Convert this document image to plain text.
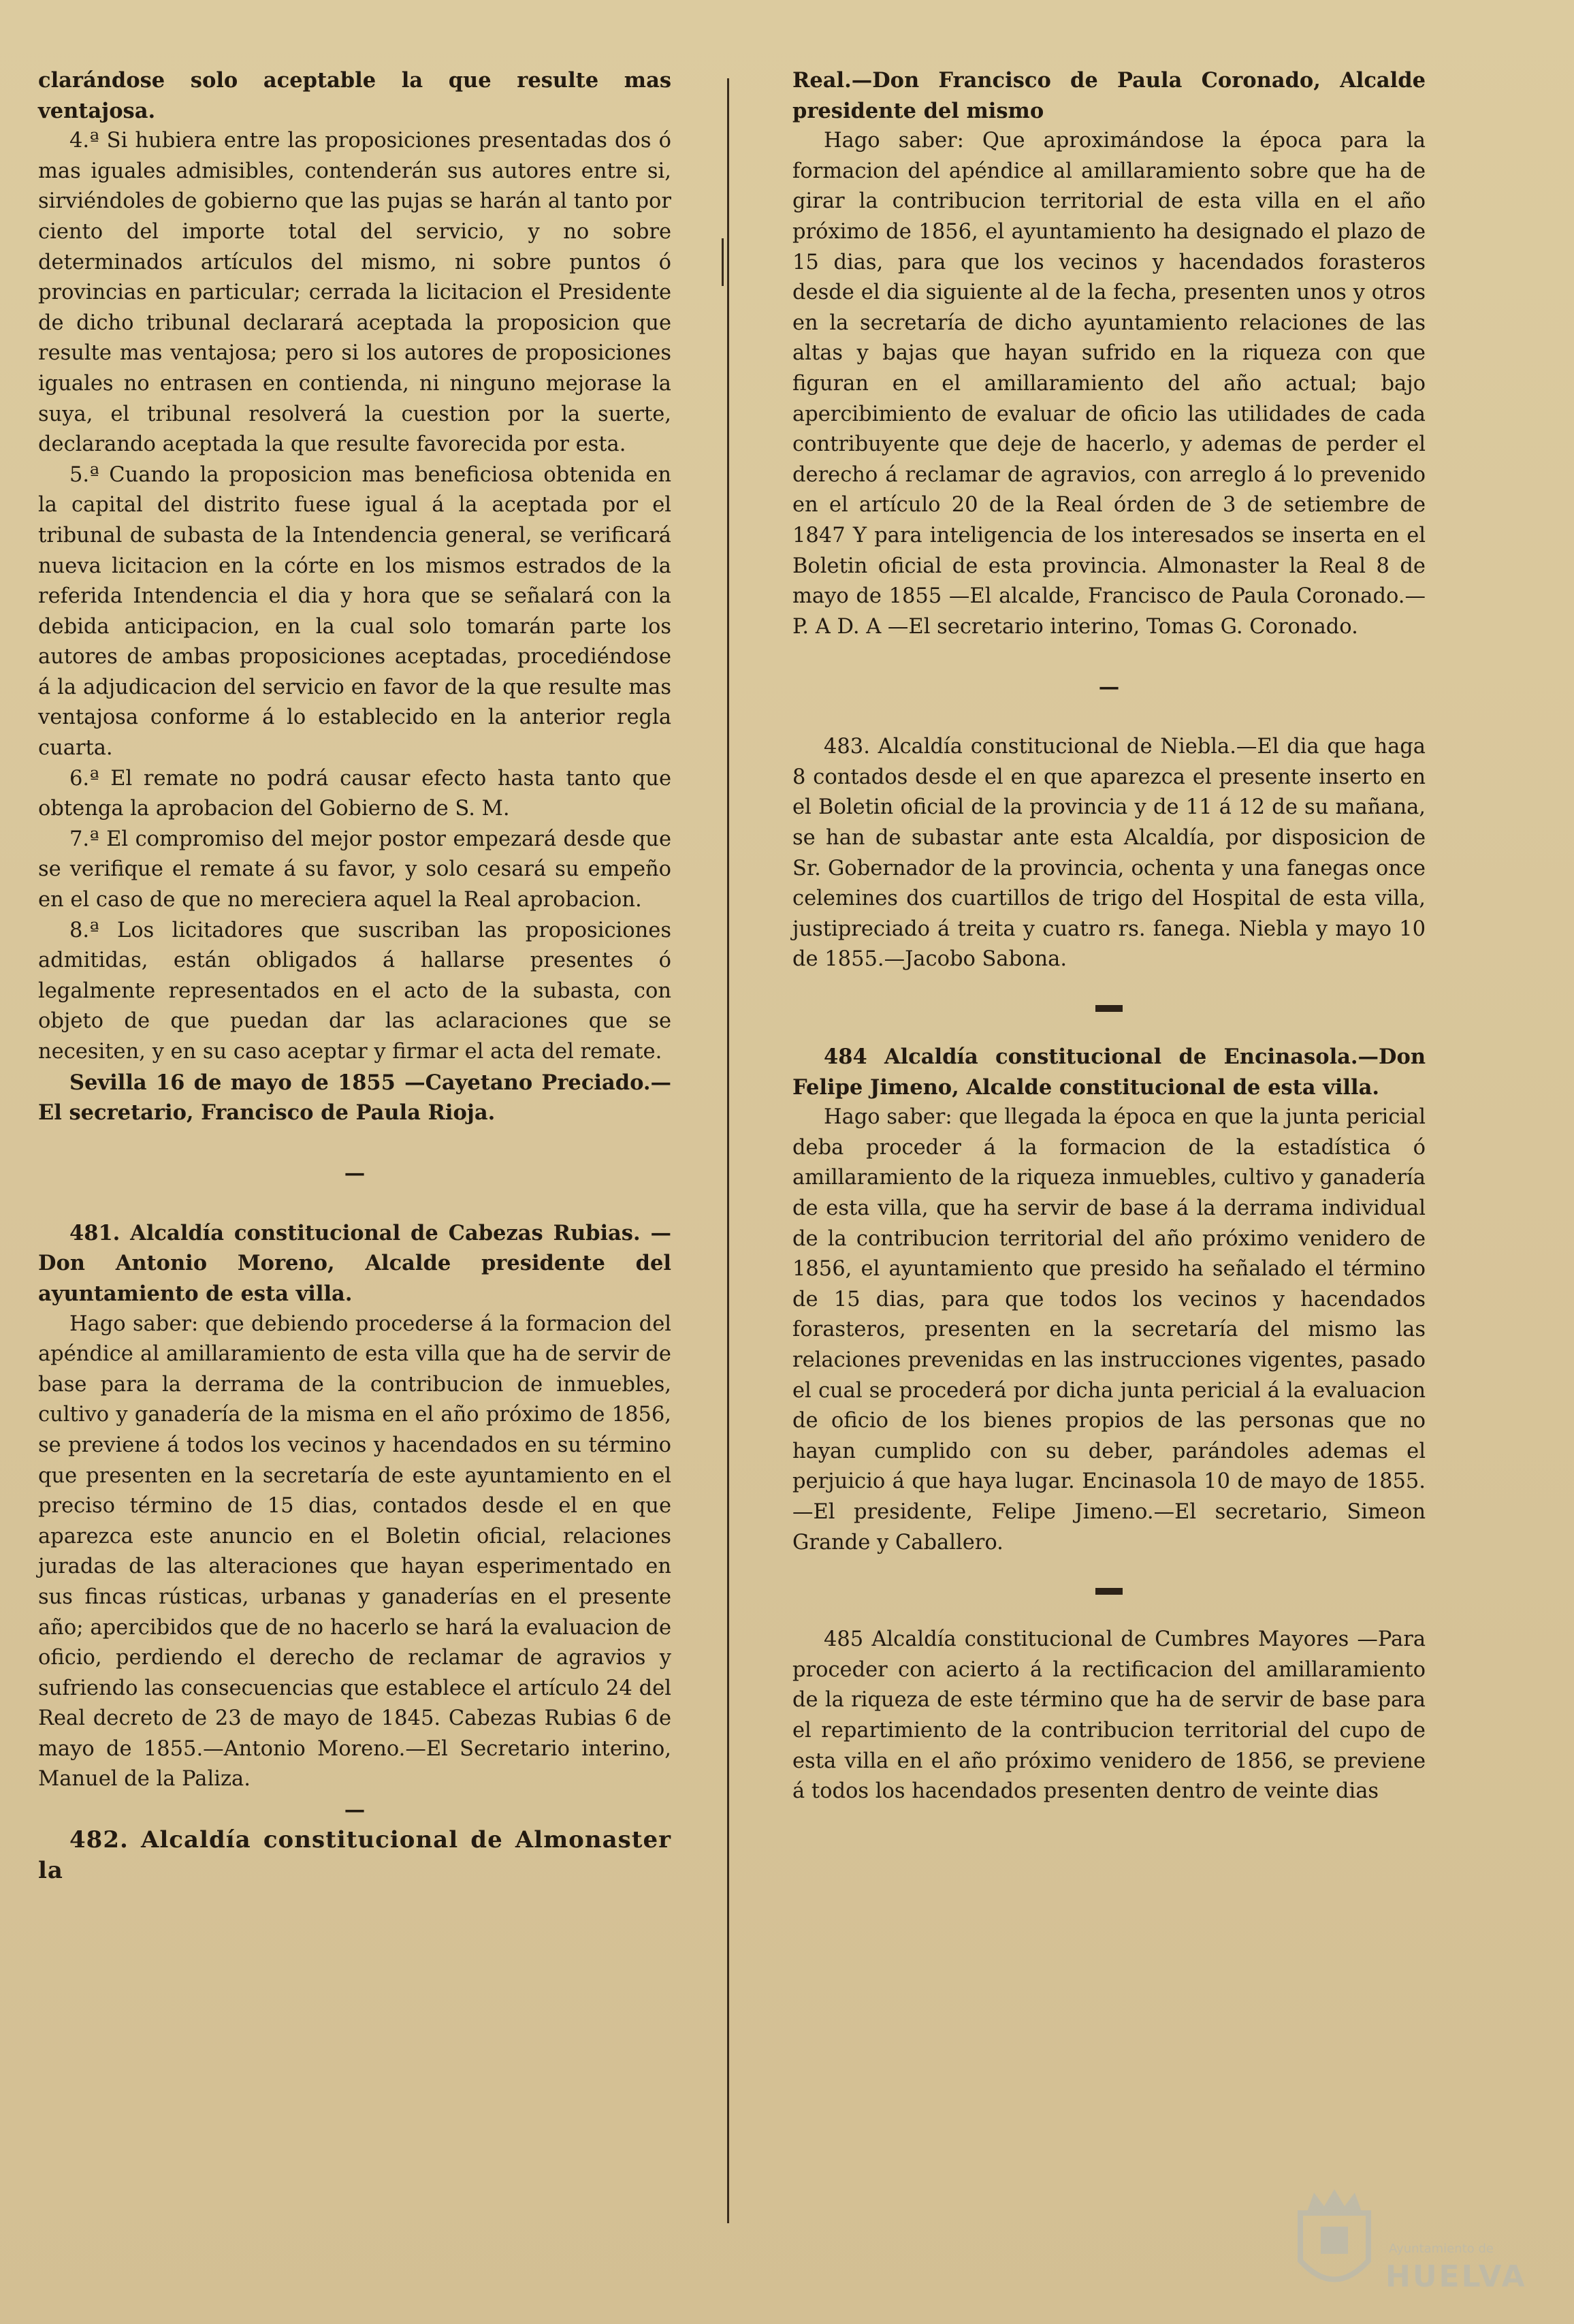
clarándose solo aceptable la que resulte mas ventajosa.

4.ª Si hubiera entre las proposiciones presentadas dos ó mas iguales admisibles, contenderán sus autores entre si, sirviéndoles de gobierno que las pujas se harán al tanto por ciento del importe total del servicio, y no sobre determinados artículos del mismo, ni sobre puntos ó provincias en particular; cerrada la licitacion el Presidente de dicho tribunal declarará aceptada la proposicion que resulte mas ventajosa; pero si los autores de proposiciones iguales no entrasen en contienda, ni ninguno mejorase la suya, el tribunal resolverá la cuestion por la suerte, declarando aceptada la que resulte favorecida por esta.

5.ª Cuando la proposicion mas beneficiosa obtenida en la capital del distrito fuese igual á la aceptada por el tribunal de subasta de la Intendencia general, se verificará nueva licitacion en la córte en los mismos estrados de la referida Intendencia el dia y hora que se señalará con la debida anticipacion, en la cual solo tomarán parte los autores de ambas proposiciones aceptadas, procediéndose á la adjudicacion del servicio en favor de la que resulte mas ventajosa conforme á lo establecido en la anterior regla cuarta.

6.ª El remate no podrá causar efecto hasta tanto que obtenga la aprobacion del Gobierno de S. M.

7.ª El compromiso del mejor postor empezará desde que se verifique el remate á su favor, y solo cesará su empeño en el caso de que no mereciera aquel la Real aprobacion.

8.ª Los licitadores que suscriban las proposiciones admitidas, están obligados á hallarse presentes ó legalmente representados en el acto de la subasta, con objeto de que puedan dar las aclaraciones que se necesiten, y en su caso aceptar y firmar el acta del remate.

Sevilla 16 de mayo de 1855 —Cayetano Preciado.—El secretario, Francisco de Paula Rioja.

—

481. Alcaldía constitucional de Cabezas Rubias. —Don Antonio Moreno, Alcalde presidente del ayuntamiento de esta villa.

Hago saber: que debiendo procederse á la formacion del apéndice al amillaramiento de esta villa que ha de servir de base para la derrama de la contribucion de inmuebles, cultivo y ganadería de la misma en el año próximo de 1856, se previene á todos los vecinos y hacendados en su término que presenten en la secretaría de este ayuntamiento en el preciso término de 15 dias, contados desde el en que aparezca este anuncio en el Boletin oficial, relaciones juradas de las alteraciones que hayan esperimentado en sus fincas rústicas, urbanas y ganaderías en el presente año; apercibidos que de no hacerlo se hará la evaluacion de oficio, perdiendo el derecho de reclamar de agravios y sufriendo las consecuencias que establece el artículo 24 del Real decreto de 23 de mayo de 1845. Cabezas Rubias 6 de mayo de 1855.—Antonio Moreno.—El Secretario interino, Manuel de la Paliza.

—

482. Alcaldía constitucional de Almonaster la

Real.—Don Francisco de Paula Coronado, Alcalde presidente del mismo

Hago saber: Que aproximándose la época para la formacion del apéndice al amillaramiento sobre que ha de girar la contribucion territorial de esta villa en el año próximo de 1856, el ayuntamiento ha designado el plazo de 15 dias, para que los vecinos y hacendados forasteros desde el dia siguiente al de la fecha, presenten unos y otros en la secretaría de dicho ayuntamiento relaciones de las altas y bajas que hayan sufrido en la riqueza con que figuran en el amillaramiento del año actual; bajo apercibimiento de evaluar de oficio las utilidades de cada contribuyente que deje de hacerlo, y ademas de perder el derecho á reclamar de agravios, con arreglo á lo prevenido en el artículo 20 de la Real órden de 3 de setiembre de 1847 Y para inteligencia de los interesados se inserta en el Boletin oficial de esta provincia. Almonaster la Real 8 de mayo de 1855 —El alcalde, Francisco de Paula Coronado.—P. A D. A —El secretario interino, Tomas G. Coronado.

—

483. Alcaldía constitucional de Niebla.—El dia que haga 8 contados desde el en que aparezca el presente inserto en el Boletin oficial de la provincia y de 11 á 12 de su mañana, se han de subastar ante esta Alcaldía, por disposicion de Sr. Gobernador de la provincia, ochenta y una fanegas once celemines dos cuartillos de trigo del Hospital de esta villa, justipreciado á treita y cuatro rs. fanega. Niebla y mayo 10 de 1855.—Jacobo Sabona.

484 Alcaldía constitucional de Encinasola.—Don Felipe Jimeno, Alcalde constitucional de esta villa.

Hago saber: que llegada la época en que la junta pericial deba proceder á la formacion de la estadística ó amillaramiento de la riqueza inmuebles, cultivo y ganadería de esta villa, que ha servir de base á la derrama individual de la contribucion territorial del año próximo venidero de 1856, el ayuntamiento que presido ha señalado el término de 15 dias, para que todos los vecinos y hacendados forasteros, presenten en la secretaría del mismo las relaciones prevenidas en las instrucciones vigentes, pasado el cual se procederá por dicha junta pericial á la evaluacion de oficio de los bienes propios de las personas que no hayan cumplido con su deber, parándoles ademas el perjuicio á que haya lugar. Encinasola 10 de mayo de 1855.—El presidente, Felipe Jimeno.—El secretario, Simeon Grande y Caballero.

485 Alcaldía constitucional de Cumbres Mayores —Para proceder con acierto á la rectificacion del amillaramiento de la riqueza de este término que ha de servir de base para el repartimiento de la contribucion territorial del cupo de esta villa en el año próximo venidero de 1856, se previene á todos los hacendados presenten dentro de veinte dias

Ayuntamiento de
HUELVA
